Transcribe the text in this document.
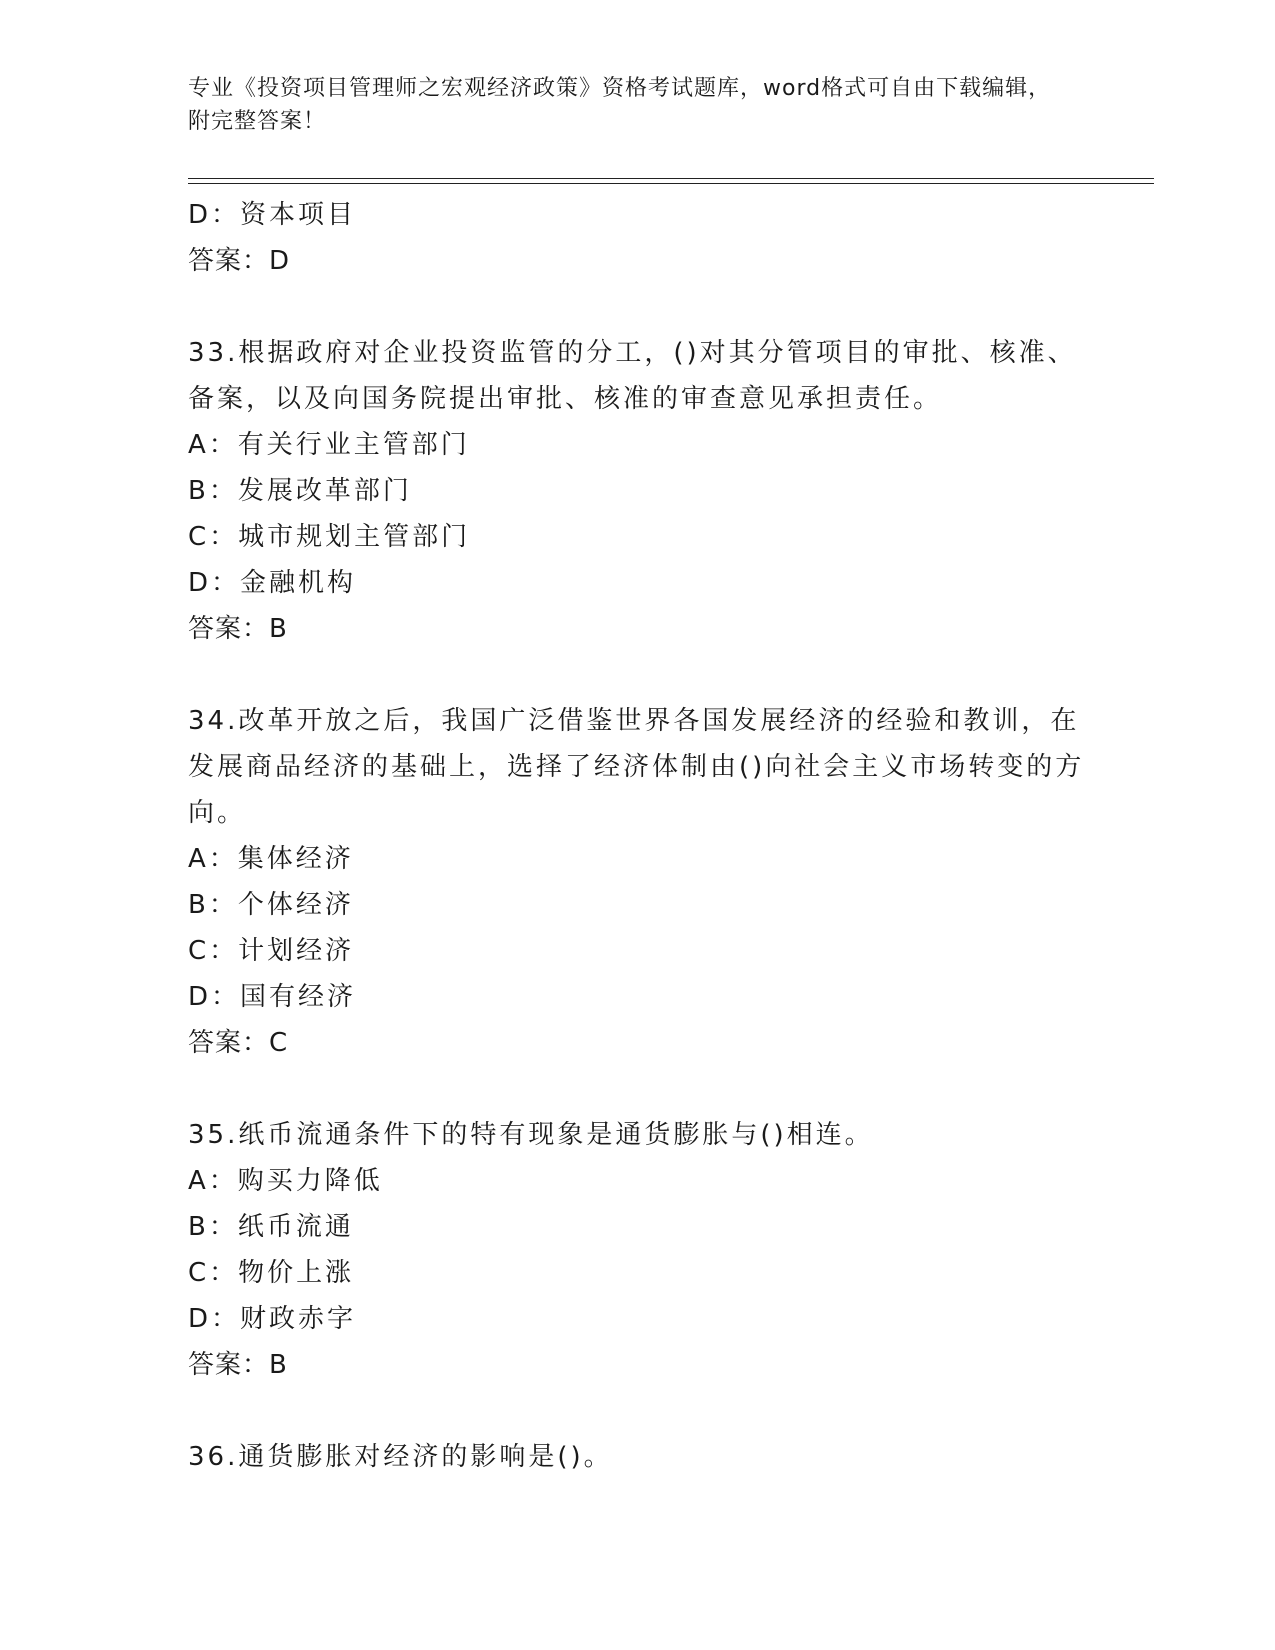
专业《投资项目管理师之宏观经济政策》资格考试题库，word格式可自由下载编辑，附完整答案！
D：资本项目
答案：D
33.根据政府对企业投资监管的分工，()对其分管项目的审批、核准、备案，以及向国务院提出审批、核准的审查意见承担责任。
A：有关行业主管部门
B：发展改革部门
C：城市规划主管部门
D：金融机构
答案：B
34.改革开放之后，我国广泛借鉴世界各国发展经济的经验和教训，在发展商品经济的基础上，选择了经济体制由()向社会主义市场转变的方向。
A：集体经济
B：个体经济
C：计划经济
D：国有经济
答案：C
35.纸币流通条件下的特有现象是通货膨胀与()相连。
A：购买力降低
B：纸币流通
C：物价上涨
D：财政赤字
答案：B
36.通货膨胀对经济的影响是()。
